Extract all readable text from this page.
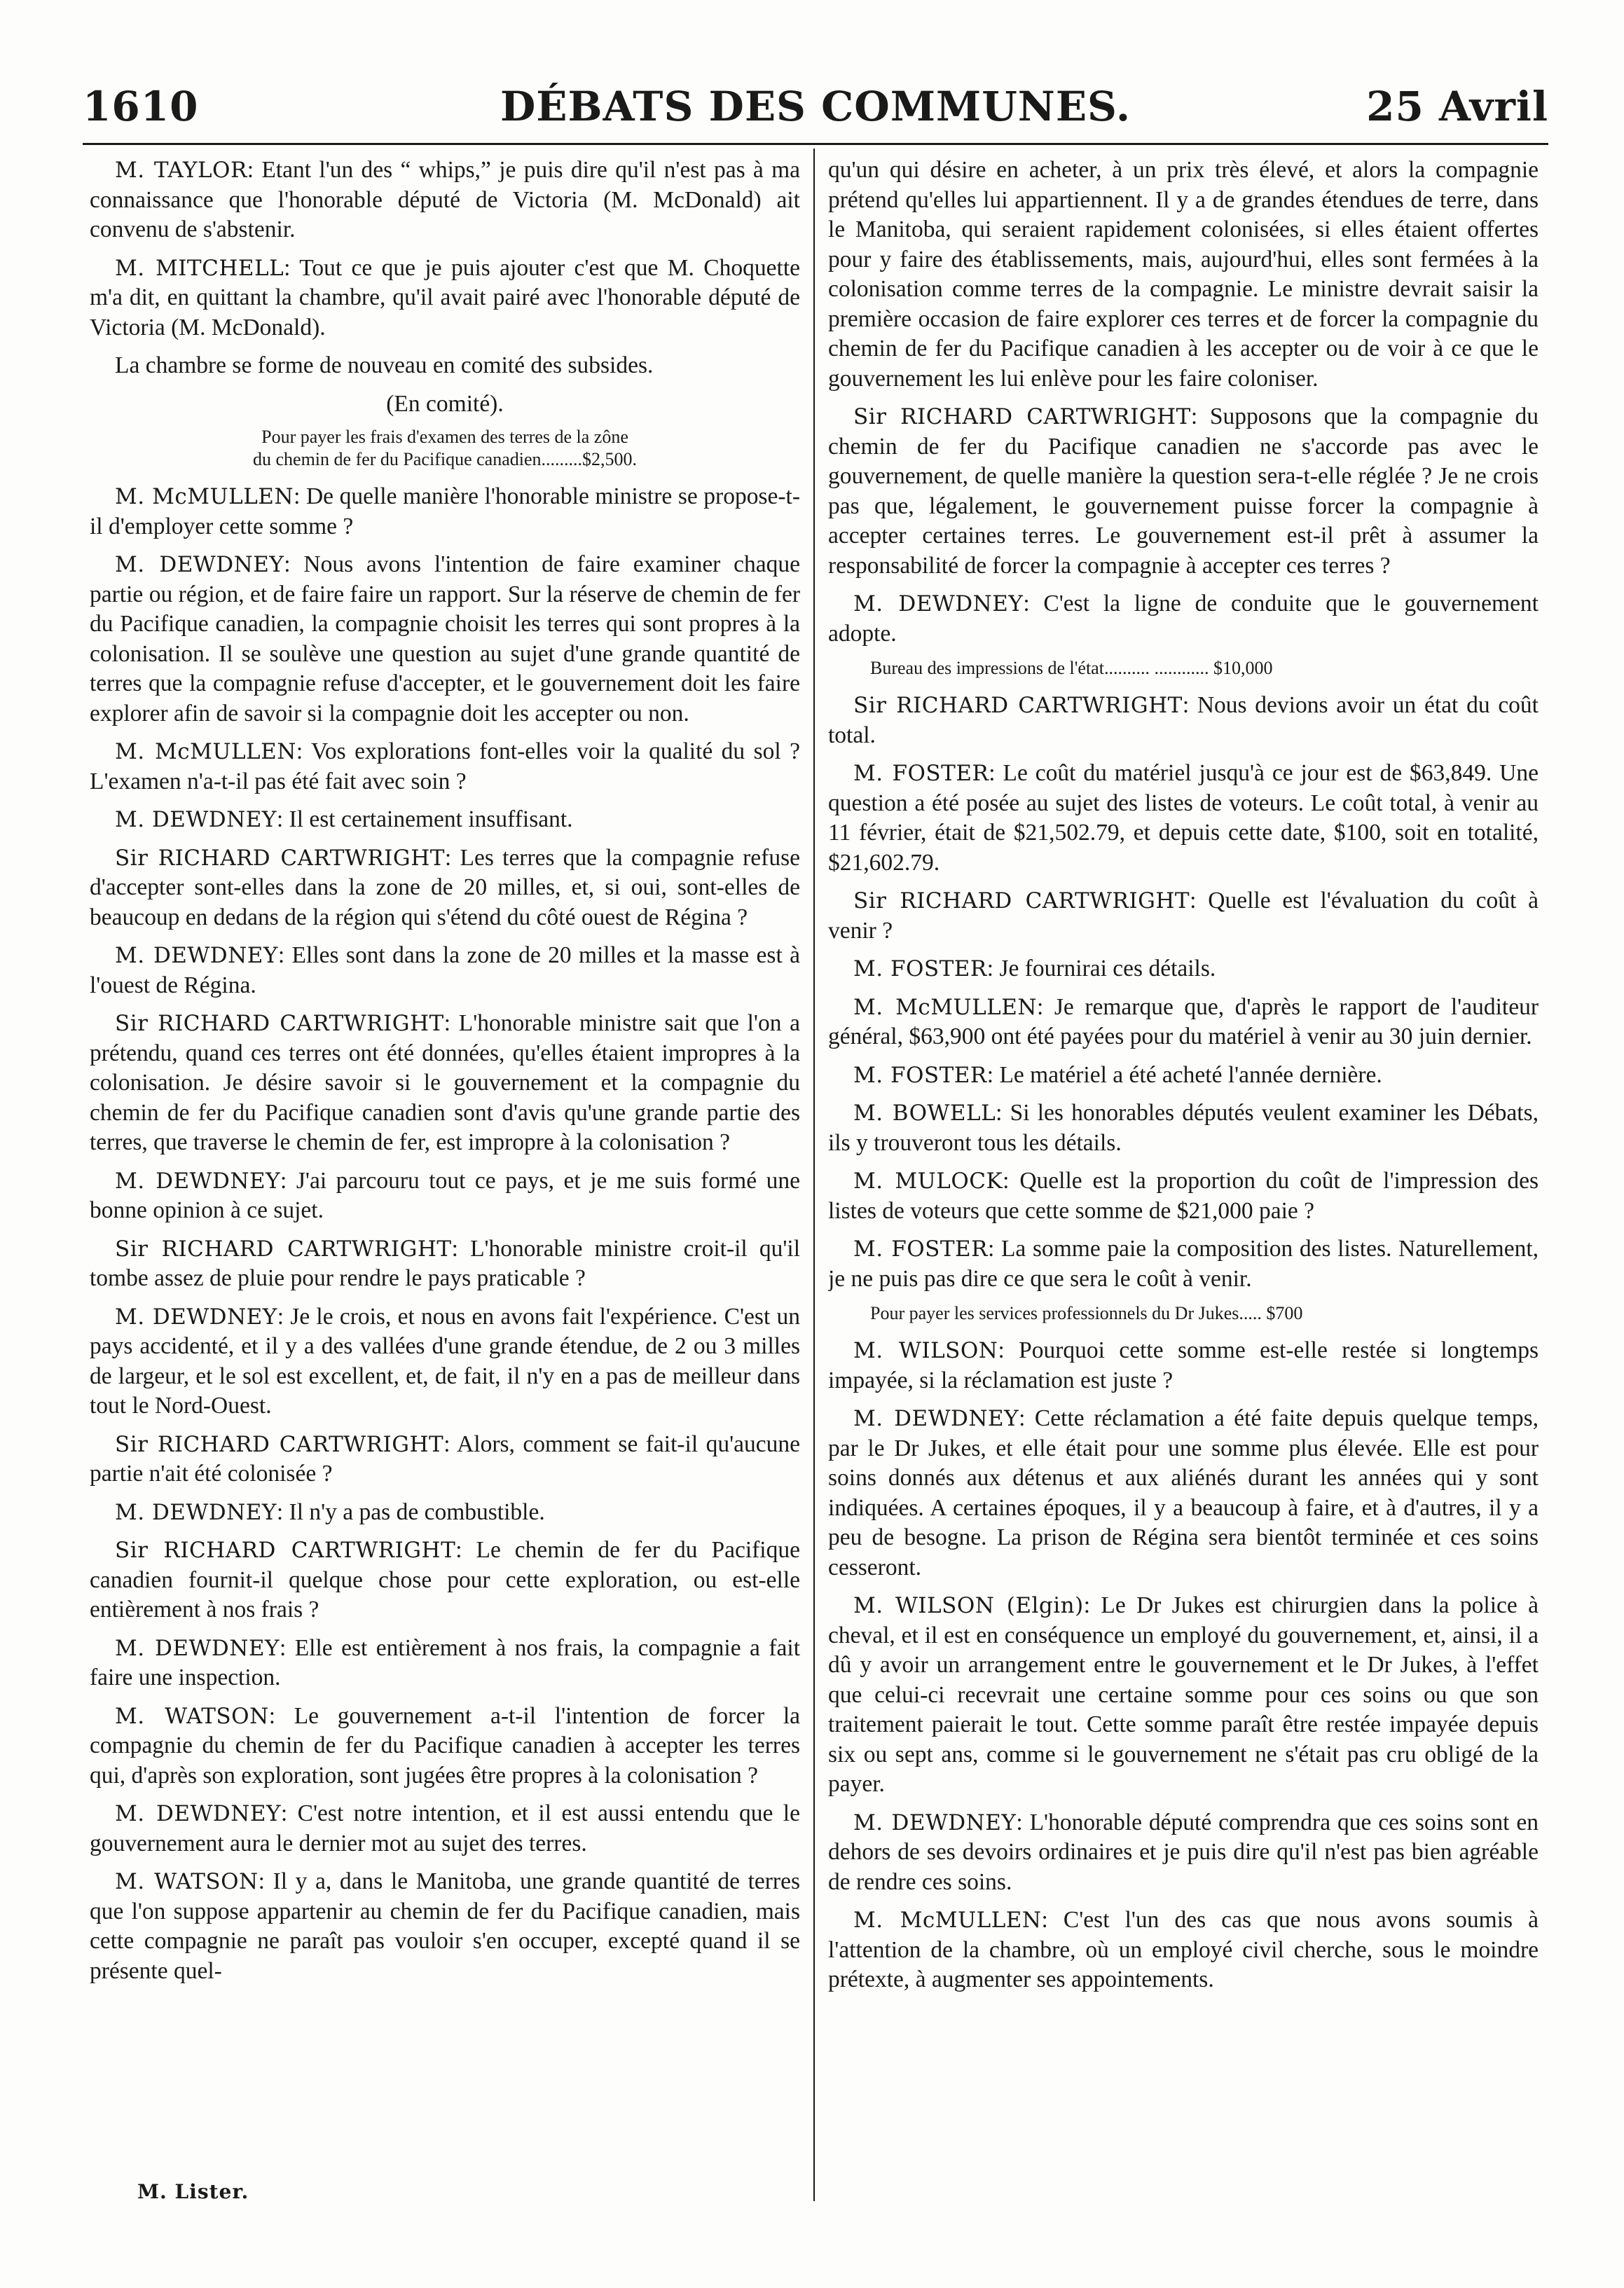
1610	DÉBATS DES COMMUNES.	25 Avril

M. TAYLOR: Etant l'un des “ whips,” je puis dire qu'il n'est pas à ma connaissance que l'honorable député de Victoria (M. McDonald) ait convenu de s'abstenir.

M. MITCHELL: Tout ce que je puis ajouter c'est que M. Choquette m'a dit, en quittant la chambre, qu'il avait pairé avec l'honorable député de Victoria (M. McDonald).

La chambre se forme de nouveau en comité des subsides.

(En comité).

Pour payer les frais d'examen des terres de la zône
du chemin de fer du Pacifique canadien.........$2,500.

M. McMULLEN: De quelle manière l'honorable ministre se propose-t-il d'employer cette somme ?

M. DEWDNEY: Nous avons l'intention de faire examiner chaque partie ou région, et de faire faire un rapport. Sur la réserve de chemin de fer du Pacifique canadien, la compagnie choisit les terres qui sont propres à la colonisation. Il se soulève une question au sujet d'une grande quantité de terres que la compagnie refuse d'accepter, et le gouvernement doit les faire explorer afin de savoir si la compagnie doit les accepter ou non.

M. McMULLEN: Vos explorations font-elles voir la qualité du sol ? L'examen n'a-t-il pas été fait avec soin ?

M. DEWDNEY: Il est certainement insuffisant.

Sir RICHARD CARTWRIGHT: Les terres que la compagnie refuse d'accepter sont-elles dans la zone de 20 milles, et, si oui, sont-elles de beaucoup en dedans de la région qui s'étend du côté ouest de Régina ?

M. DEWDNEY: Elles sont dans la zone de 20 milles et la masse est à l'ouest de Régina.

Sir RICHARD CARTWRIGHT: L'honorable ministre sait que l'on a prétendu, quand ces terres ont été données, qu'elles étaient impropres à la colonisation. Je désire savoir si le gouvernement et la compagnie du chemin de fer du Pacifique canadien sont d'avis qu'une grande partie des terres, que traverse le chemin de fer, est impropre à la colonisation ?

M. DEWDNEY: J'ai parcouru tout ce pays, et je me suis formé une bonne opinion à ce sujet.

Sir RICHARD CARTWRIGHT: L'honorable ministre croit-il qu'il tombe assez de pluie pour rendre le pays praticable ?

M. DEWDNEY: Je le crois, et nous en avons fait l'expérience. C'est un pays accidenté, et il y a des vallées d'une grande étendue, de 2 ou 3 milles de largeur, et le sol est excellent, et, de fait, il n'y en a pas de meilleur dans tout le Nord-Ouest.

Sir RICHARD CARTWRIGHT: Alors, comment se fait-il qu'aucune partie n'ait été colonisée ?

M. DEWDNEY: Il n'y a pas de combustible.

Sir RICHARD CARTWRIGHT: Le chemin de fer du Pacifique canadien fournit-il quelque chose pour cette exploration, ou est-elle entièrement à nos frais ?

M. DEWDNEY: Elle est entièrement à nos frais, la compagnie a fait faire une inspection.

M. WATSON: Le gouvernement a-t-il l'intention de forcer la compagnie du chemin de fer du Pacifique canadien à accepter les terres qui, d'après son exploration, sont jugées être propres à la colonisation ?

M. DEWDNEY: C'est notre intention, et il est aussi entendu que le gouvernement aura le dernier mot au sujet des terres.

M. WATSON: Il y a, dans le Manitoba, une grande quantité de terres que l'on suppose appartenir au chemin de fer du Pacifique canadien, mais cette compagnie ne paraît pas vouloir s'en occuper, excepté quand il se présente quel-

qu'un qui désire en acheter, à un prix très élevé, et alors la compagnie prétend qu'elles lui appartiennent. Il y a de grandes étendues de terre, dans le Manitoba, qui seraient rapidement colonisées, si elles étaient offertes pour y faire des établissements, mais, aujourd'hui, elles sont fermées à la colonisation comme terres de la compagnie. Le ministre devrait saisir la première occasion de faire explorer ces terres et de forcer la compagnie du chemin de fer du Pacifique canadien à les accepter ou de voir à ce que le gouvernement les lui enlève pour les faire coloniser.

Sir RICHARD CARTWRIGHT: Supposons que la compagnie du chemin de fer du Pacifique canadien ne s'accorde pas avec le gouvernement, de quelle manière la question sera-t-elle réglée ? Je ne crois pas que, légalement, le gouvernement puisse forcer la compagnie à accepter certaines terres. Le gouvernement est-il prêt à assumer la responsabilité de forcer la compagnie à accepter ces terres ?

M. DEWDNEY: C'est la ligne de conduite que le gouvernement adopte.

Bureau des impressions de l'état.......... ............ $10,000

Sir RICHARD CARTWRIGHT: Nous devions avoir un état du coût total.

M. FOSTER: Le coût du matériel jusqu'à ce jour est de $63,849. Une question a été posée au sujet des listes de voteurs. Le coût total, à venir au 11 février, était de $21,502.79, et depuis cette date, $100, soit en totalité, $21,602.79.

Sir RICHARD CARTWRIGHT: Quelle est l'évaluation du coût à venir ?

M. FOSTER: Je fournirai ces détails.

M. McMULLEN: Je remarque que, d'après le rapport de l'auditeur général, $63,900 ont été payées pour du matériel à venir au 30 juin dernier.

M. FOSTER: Le matériel a été acheté l'année dernière.

M. BOWELL: Si les honorables députés veulent examiner les Débats, ils y trouveront tous les détails.

M. MULOCK: Quelle est la proportion du coût de l'impression des listes de voteurs que cette somme de $21,000 paie ?

M. FOSTER: La somme paie la composition des listes. Naturellement, je ne puis pas dire ce que sera le coût à venir.

Pour payer les services professionnels du Dr Jukes..... $700

M. WILSON: Pourquoi cette somme est-elle restée si longtemps impayée, si la réclamation est juste ?

M. DEWDNEY: Cette réclamation a été faite depuis quelque temps, par le Dr Jukes, et elle était pour une somme plus élevée. Elle est pour soins donnés aux détenus et aux aliénés durant les années qui y sont indiquées. A certaines époques, il y a beaucoup à faire, et à d'autres, il y a peu de besogne. La prison de Régina sera bientôt terminée et ces soins cesseront.

M. WILSON (Elgin): Le Dr Jukes est chirurgien dans la police à cheval, et il est en conséquence un employé du gouvernement, et, ainsi, il a dû y avoir un arrangement entre le gouvernement et le Dr Jukes, à l'effet que celui-ci recevrait une certaine somme pour ces soins ou que son traitement paierait le tout. Cette somme paraît être restée impayée depuis six ou sept ans, comme si le gouvernement ne s'était pas cru obligé de la payer.

M. DEWDNEY: L'honorable député comprendra que ces soins sont en dehors de ses devoirs ordinaires et je puis dire qu'il n'est pas bien agréable de rendre ces soins.

M. McMULLEN: C'est l'un des cas que nous avons soumis à l'attention de la chambre, où un employé civil cherche, sous le moindre prétexte, à augmenter ses appointements.

M. Lister.
